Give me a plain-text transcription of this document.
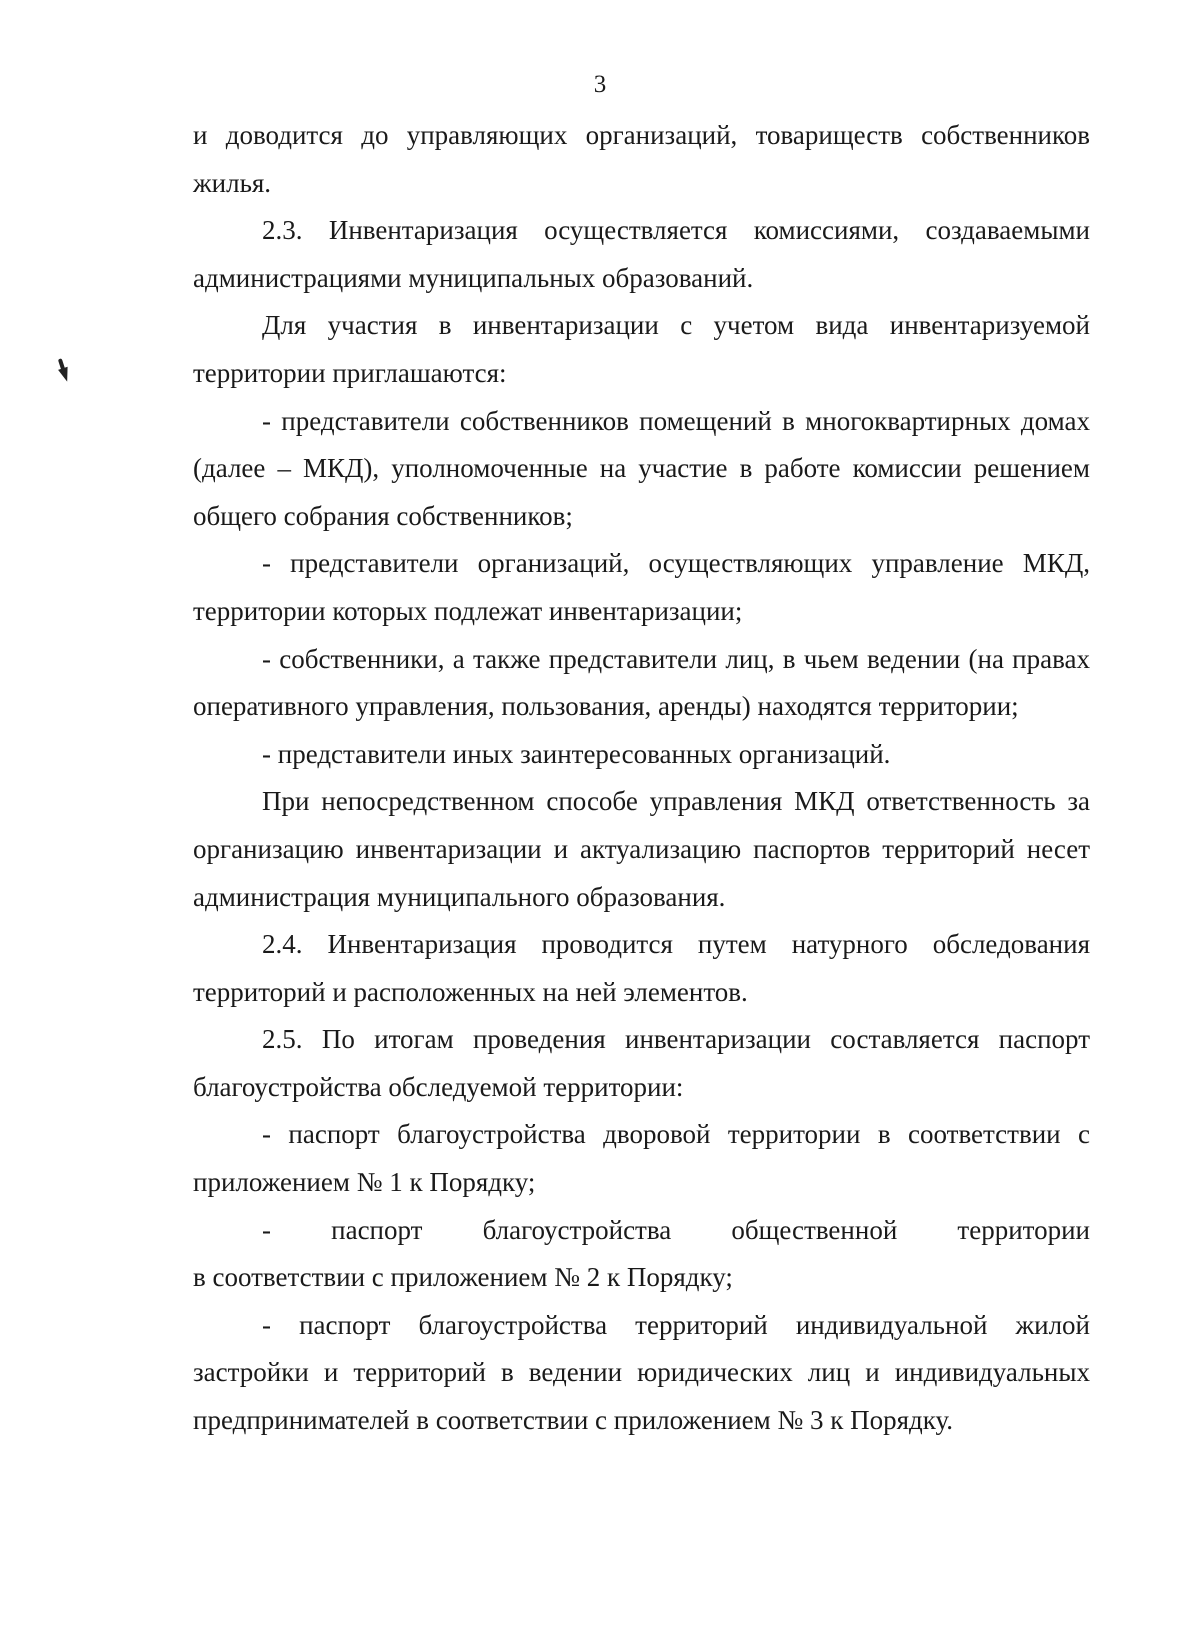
3

и доводится до управляющих организаций, товариществ собственников жилья.

2.3. Инвентаризация осуществляется комиссиями, создаваемыми администрациями муниципальных образований.

Для участия в инвентаризации с учетом вида инвентаризуемой территории приглашаются:

- представители собственников помещений в многоквартирных домах (далее – МКД), уполномоченные на участие в работе комиссии решением общего собрания собственников;

- представители организаций, осуществляющих управление МКД, территории которых подлежат инвентаризации;

- собственники, а также представители лиц, в чьем ведении (на правах оперативного управления, пользования, аренды) находятся территории;

- представители иных заинтересованных организаций.

При непосредственном способе управления МКД ответственность за организацию инвентаризации и актуализацию паспортов территорий несет администрация муниципального образования.

2.4. Инвентаризация проводится путем натурного обследования территорий и расположенных на ней элементов.

2.5. По итогам проведения инвентаризации составляется паспорт благоустройства обследуемой территории:

- паспорт благоустройства дворовой территории в соответствии с приложением № 1 к Порядку;

- паспорт благоустройства общественной территории
в соответствии с приложением № 2 к Порядку;

- паспорт благоустройства территорий индивидуальной жилой застройки и территорий в ведении юридических лиц и индивидуальных предпринимателей в соответствии с приложением № 3 к Порядку.
